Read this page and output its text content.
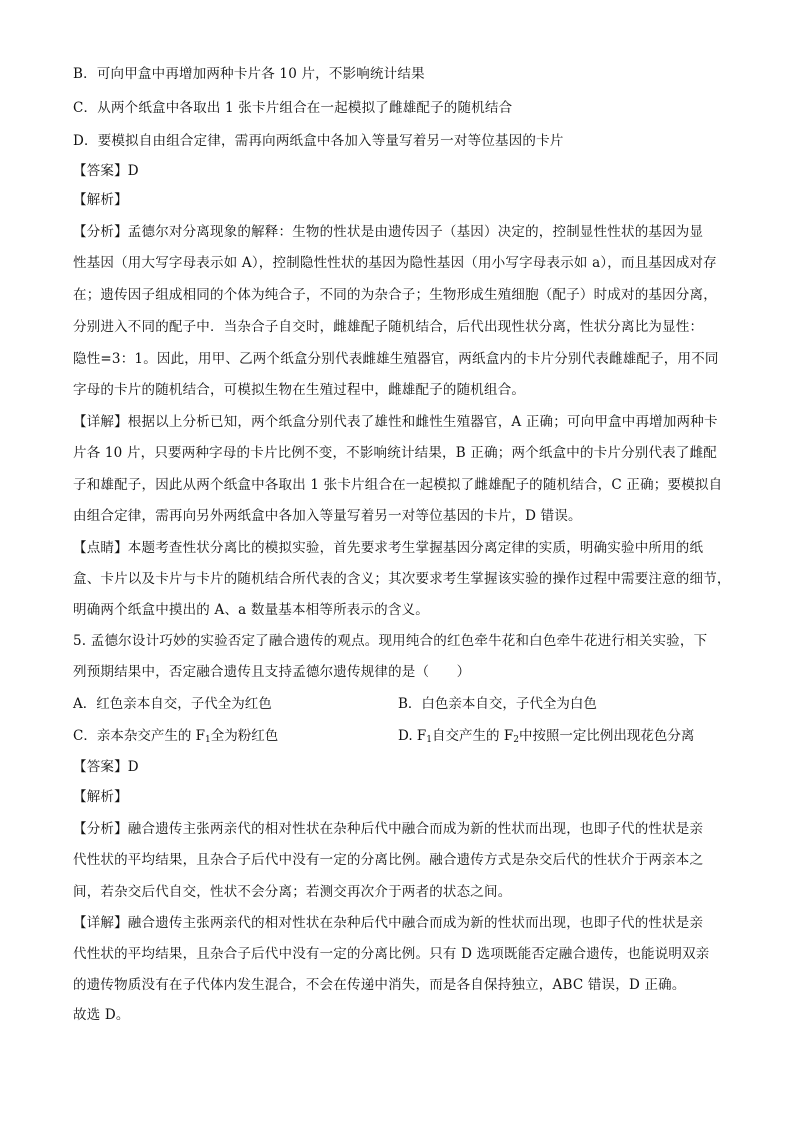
B．可向甲盒中再增加两种卡片各 10 片，不影响统计结果
C．从两个纸盒中各取出 1 张卡片组合在一起模拟了雌雄配子的随机结合
D．要模拟自由组合定律，需再向两纸盒中各加入等量写着另一对等位基因的卡片
【答案】D
【解析】
【分析】孟德尔对分离现象的解释：生物的性状是由遗传因子（基因）决定的，控制显性性状的基因为显
性基因（用大写字母表示如 A），控制隐性性状的基因为隐性基因（用小写字母表示如 a），而且基因成对存
在；遗传因子组成相同的个体为纯合子，不同的为杂合子；生物形成生殖细胞（配子）时成对的基因分离，
分别进入不同的配子中．当杂合子自交时，雌雄配子随机结合，后代出现性状分离，性状分离比为显性：
隐性=3：1。因此，用甲、乙两个纸盒分别代表雌雄生殖器官，两纸盒内的卡片分别代表雌雄配子，用不同
字母的卡片的随机结合，可模拟生物在生殖过程中，雌雄配子的随机组合。
【详解】根据以上分析已知，两个纸盒分别代表了雄性和雌性生殖器官，A 正确；可向甲盒中再增加两种卡
片各 10 片，只要两种字母的卡片比例不变，不影响统计结果，B 正确；两个纸盒中的卡片分别代表了雌配
子和雄配子，因此从两个纸盒中各取出 1 张卡片组合在一起模拟了雌雄配子的随机结合，C 正确；要模拟自
由组合定律，需再向另外两纸盒中各加入等量写着另一对等位基因的卡片，D 错误。
【点睛】本题考查性状分离比的模拟实验，首先要求考生掌握基因分离定律的实质，明确实验中所用的纸
盒、卡片以及卡片与卡片的随机结合所代表的含义；其次要求考生掌握该实验的操作过程中需要注意的细节，
明确两个纸盒中摸出的 A、a 数量基本相等所表示的含义。
5. 孟德尔设计巧妙的实验否定了融合遗传的观点。现用纯合的红色牵牛花和白色牵牛花进行相关实验，下
列预期结果中，否定融合遗传且支持孟德尔遗传规律的是（　　）
A．红色亲本自交，子代全为红色	B．白色亲本自交，子代全为白色
C．亲本杂交产生的 $F_1$全为粉红色	D. $F_1$自交产生的 $F_2$中按照一定比例出现花色分离
【答案】D
【解析】
【分析】融合遗传主张两亲代的相对性状在杂种后代中融合而成为新的性状而出现，也即子代的性状是亲
代性状的平均结果，且杂合子后代中没有一定的分离比例。融合遗传方式是杂交后代的性状介于两亲本之
间，若杂交后代自交，性状不会分离；若测交再次介于两者的状态之间。
【详解】融合遗传主张两亲代的相对性状在杂种后代中融合而成为新的性状而出现，也即子代的性状是亲
代性状的平均结果，且杂合子后代中没有一定的分离比例。只有 D 选项既能否定融合遗传，也能说明双亲
的遗传物质没有在子代体内发生混合，不会在传递中消失，而是各自保持独立，ABC 错误，D 正确。
故选 D。
